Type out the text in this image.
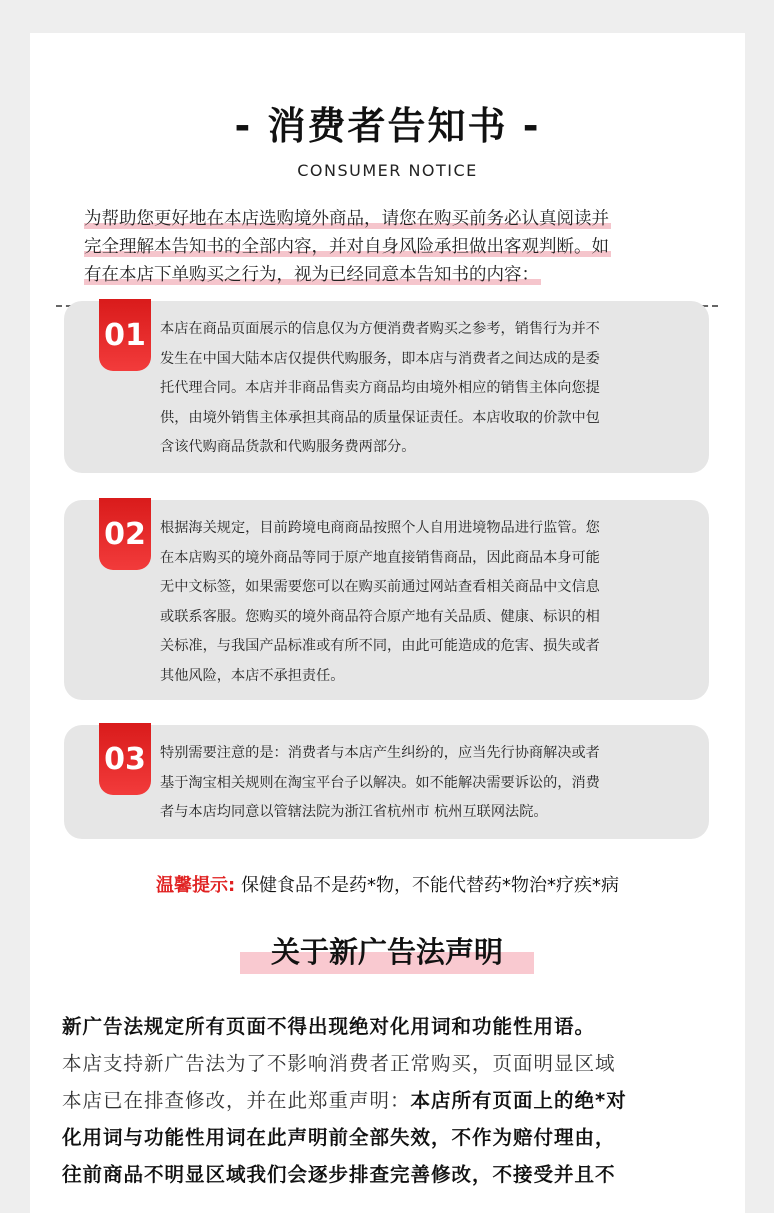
- 消费者告知书 -
CONSUMER NOTICE
为帮助您更好地在本店选购境外商品，请您在购买前务必认真阅读并
完全理解本告知书的全部内容，并对自身风险承担做出客观判断。如
有在本店下单购买之行为，视为已经同意本告知书的内容：
01 本店在商品页面展示的信息仅为方便消费者购买之参考，销售行为并不
发生在中国大陆本店仅提供代购服务，即本店与消费者之间达成的是委
托代理合同。本店并非商品售卖方商品均由境外相应的销售主体向您提
供，由境外销售主体承担其商品的质量保证责任。本店收取的价款中包
含该代购商品货款和代购服务费两部分。
02 根据海关规定，目前跨境电商商品按照个人自用进境物品进行监管。您
在本店购买的境外商品等同于原产地直接销售商品，因此商品本身可能
无中文标签，如果需要您可以在购买前通过网站查看相关商品中文信息
或联系客服。您购买的境外商品符合原产地有关品质、健康、标识的相
关标准，与我国产品标准或有所不同，由此可能造成的危害、损失或者
其他风险，本店不承担责任。
03 特别需要注意的是：消费者与本店产生纠纷的，应当先行协商解决或者
基于淘宝相关规则在淘宝平台子以解决。如不能解决需要诉讼的，消费
者与本店均同意以管辖法院为浙江省杭州市 杭州互联网法院。
温馨提示: 保健食品不是药*物，不能代替药*物治*疗疾*病
关于新广告法声明
新广告法规定所有页面不得出现绝对化用词和功能性用语。
本店支持新广告法为了不影响消费者正常购买，页面明显区域
本店已在排查修改，并在此郑重声明：本店所有页面上的绝*对
化用词与功能性用词在此声明前全部失效，不作为赔付理由，
往前商品不明显区域我们会逐步排查完善修改，不接受并且不
